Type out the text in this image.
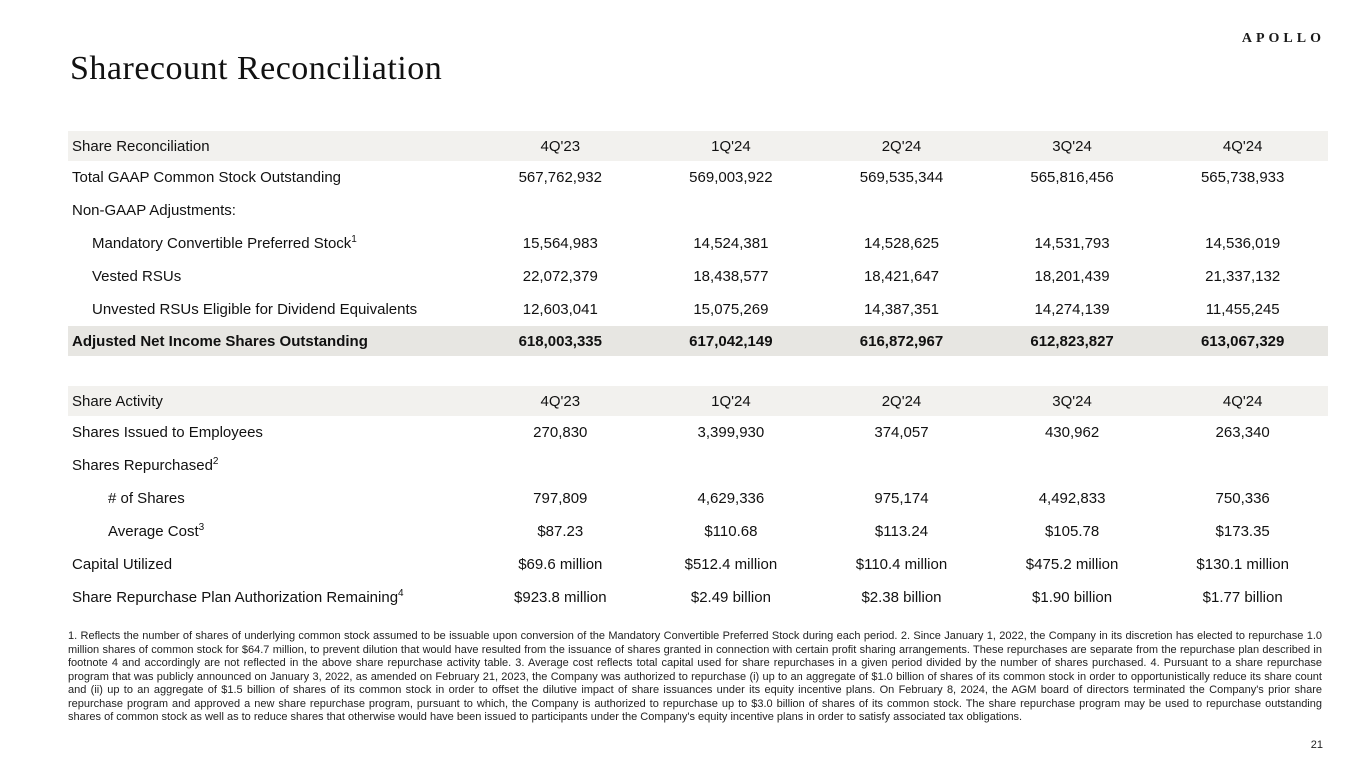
APOLLO
Sharecount Reconciliation
Share Reconciliation	4Q'23	1Q'24	2Q'24	3Q'24	4Q'24
Total GAAP Common Stock Outstanding	567,762,932	569,003,922	569,535,344	565,816,456	565,738,933
Non-GAAP Adjustments:
Mandatory Convertible Preferred Stock$^1$	15,564,983	14,524,381	14,528,625	14,531,793	14,536,019
Vested RSUs	22,072,379	18,438,577	18,421,647	18,201,439	21,337,132
Unvested RSUs Eligible for Dividend Equivalents	12,603,041	15,075,269	14,387,351	14,274,139	11,455,245
Adjusted Net Income Shares Outstanding	618,003,335	617,042,149	616,872,967	612,823,827	613,067,329
Share Activity	4Q'23	1Q'24	2Q'24	3Q'24	4Q'24
Shares Issued to Employees	270,830	3,399,930	374,057	430,962	263,340
Shares Repurchased$^2$
# of Shares	797,809	4,629,336	975,174	4,492,833	750,336
Average Cost$^3$	$87.23	$110.68	$113.24	$105.78	$173.35
Capital Utilized	$69.6 million	$512.4 million	$110.4 million	$475.2 million	$130.1 million
Share Repurchase Plan Authorization Remaining$^4$	$923.8 million	$2.49 billion	$2.38 billion	$1.90 billion	$1.77 billion

1. Reflects the number of shares of underlying common stock assumed to be issuable upon conversion of the Mandatory Convertible Preferred Stock during each period. 2. Since January 1, 2022, the Company in its discretion has elected to repurchase 1.0 million shares of common stock for $64.7 million, to prevent dilution that would have resulted from the issuance of shares granted in connection with certain profit sharing arrangements. These repurchases are separate from the repurchase plan described in footnote 4 and accordingly are not reflected in the above share repurchase activity table. 3. Average cost reflects total capital used for share repurchases in a given period divided by the number of shares purchased. 4. Pursuant to a share repurchase program that was publicly announced on January 3, 2022, as amended on February 21, 2023, the Company was authorized to repurchase (i) up to an aggregate of $1.0 billion of shares of its common stock in order to opportunistically reduce its share count and (ii) up to an aggregate of $1.5 billion of shares of its common stock in order to offset the dilutive impact of share issuances under its equity incentive plans. On February 8, 2024, the AGM board of directors terminated the Company's prior share repurchase program and approved a new share repurchase program, pursuant to which, the Company is authorized to repurchase up to $3.0 billion of shares of its common stock. The share repurchase program may be used to repurchase outstanding shares of common stock as well as to reduce shares that otherwise would have been issued to participants under the Company's equity incentive plans in order to satisfy associated tax obligations.

21
